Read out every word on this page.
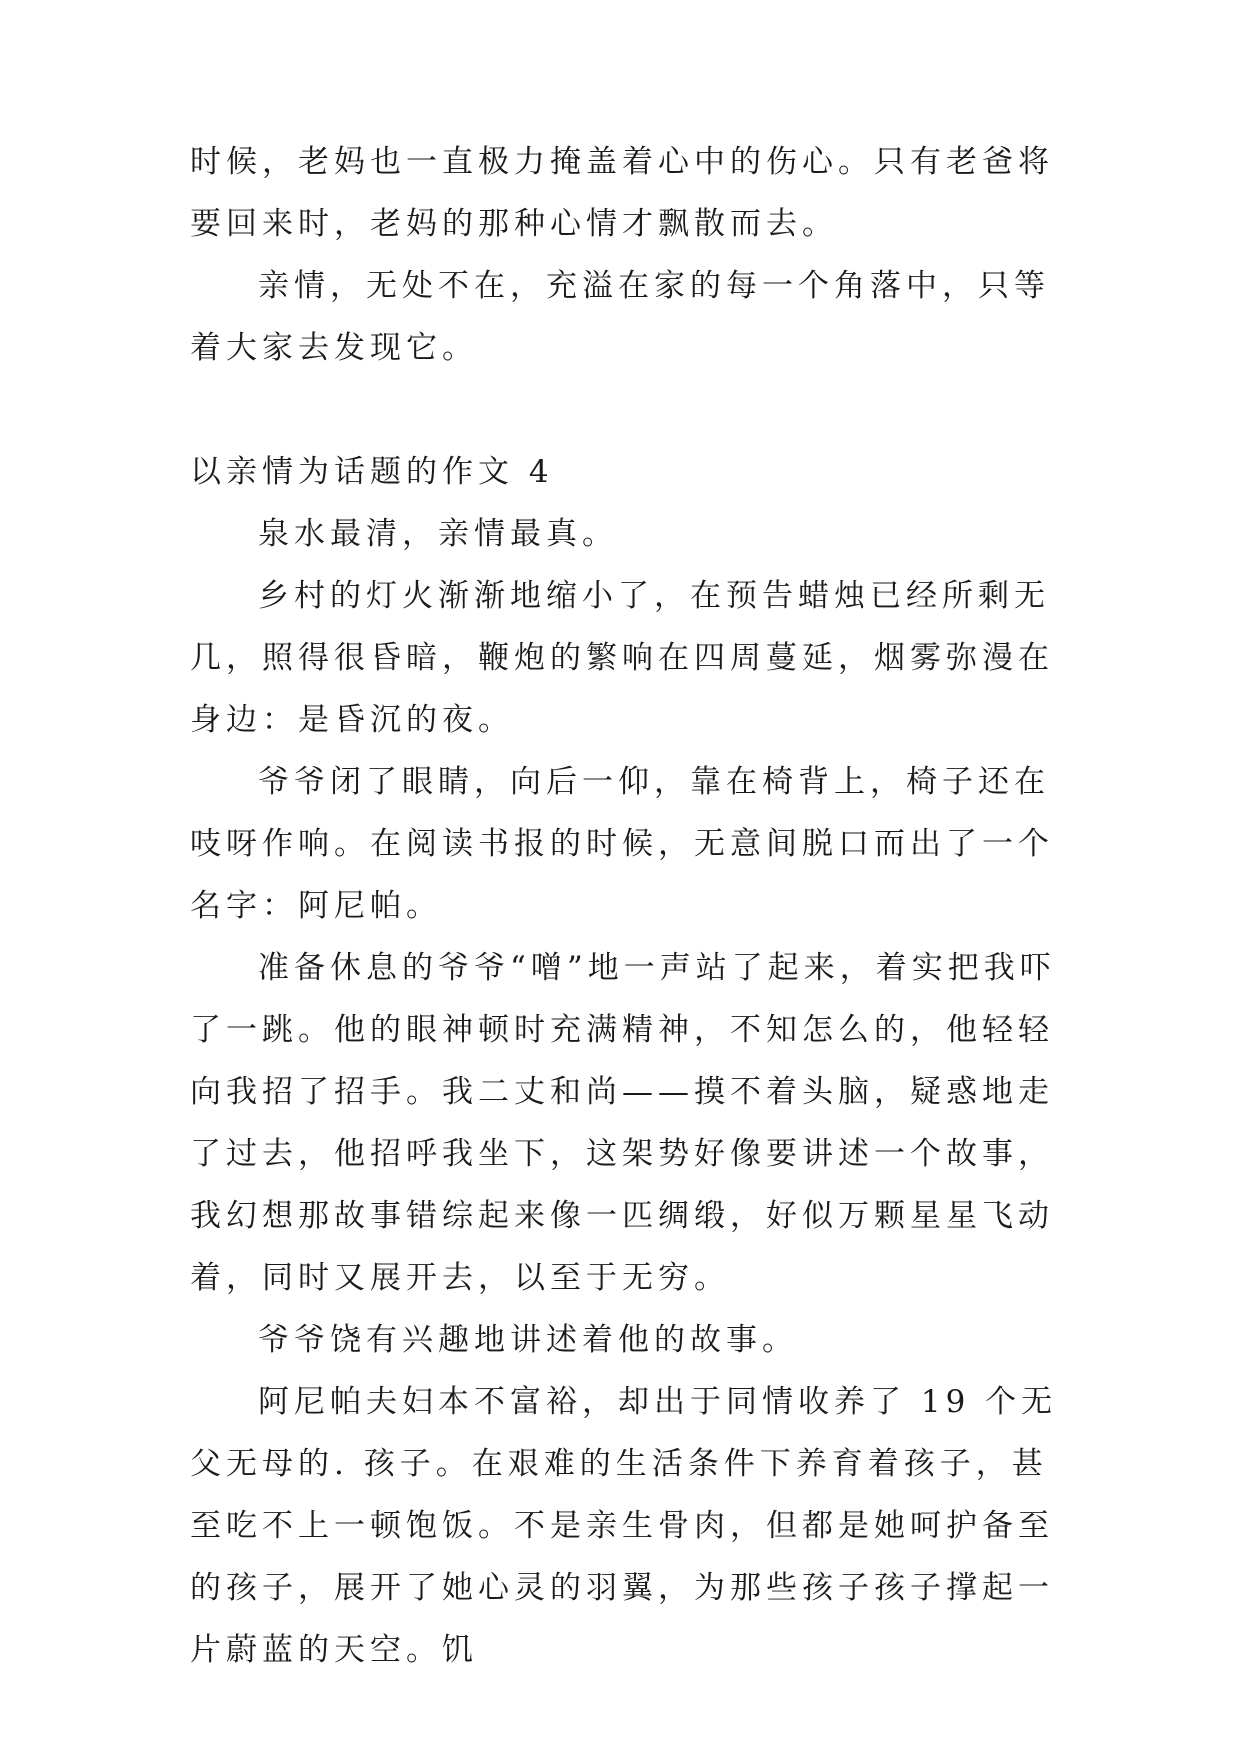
时候，老妈也一直极力掩盖着心中的伤心。只有老爸将要回来时，老妈的那种心情才飘散而去。

亲情，无处不在，充溢在家的每一个角落中，只等着大家去发现它。

以亲情为话题的作文 4

泉水最清，亲情最真。

乡村的灯火渐渐地缩小了，在预告蜡烛已经所剩无几，照得很昏暗，鞭炮的繁响在四周蔓延，烟雾弥漫在身边：是昏沉的夜。

爷爷闭了眼睛，向后一仰，靠在椅背上，椅子还在吱呀作响。在阅读书报的时候，无意间脱口而出了一个名字：阿尼帕。

准备休息的爷爷“噌”地一声站了起来，着实把我吓了一跳。他的眼神顿时充满精神，不知怎么的，他轻轻向我招了招手。我二丈和尚——摸不着头脑，疑惑地走了过去，他招呼我坐下，这架势好像要讲述一个故事，我幻想那故事错综起来像一匹绸缎，好似万颗星星飞动着，同时又展开去，以至于无穷。

爷爷饶有兴趣地讲述着他的故事。

阿尼帕夫妇本不富裕，却出于同情收养了 19 个无父无母的. 孩子。在艰难的生活条件下养育着孩子，甚至吃不上一顿饱饭。不是亲生骨肉，但都是她呵护备至的孩子，展开了她心灵的羽翼，为那些孩子孩子撑起一片蔚蓝的天空。饥
